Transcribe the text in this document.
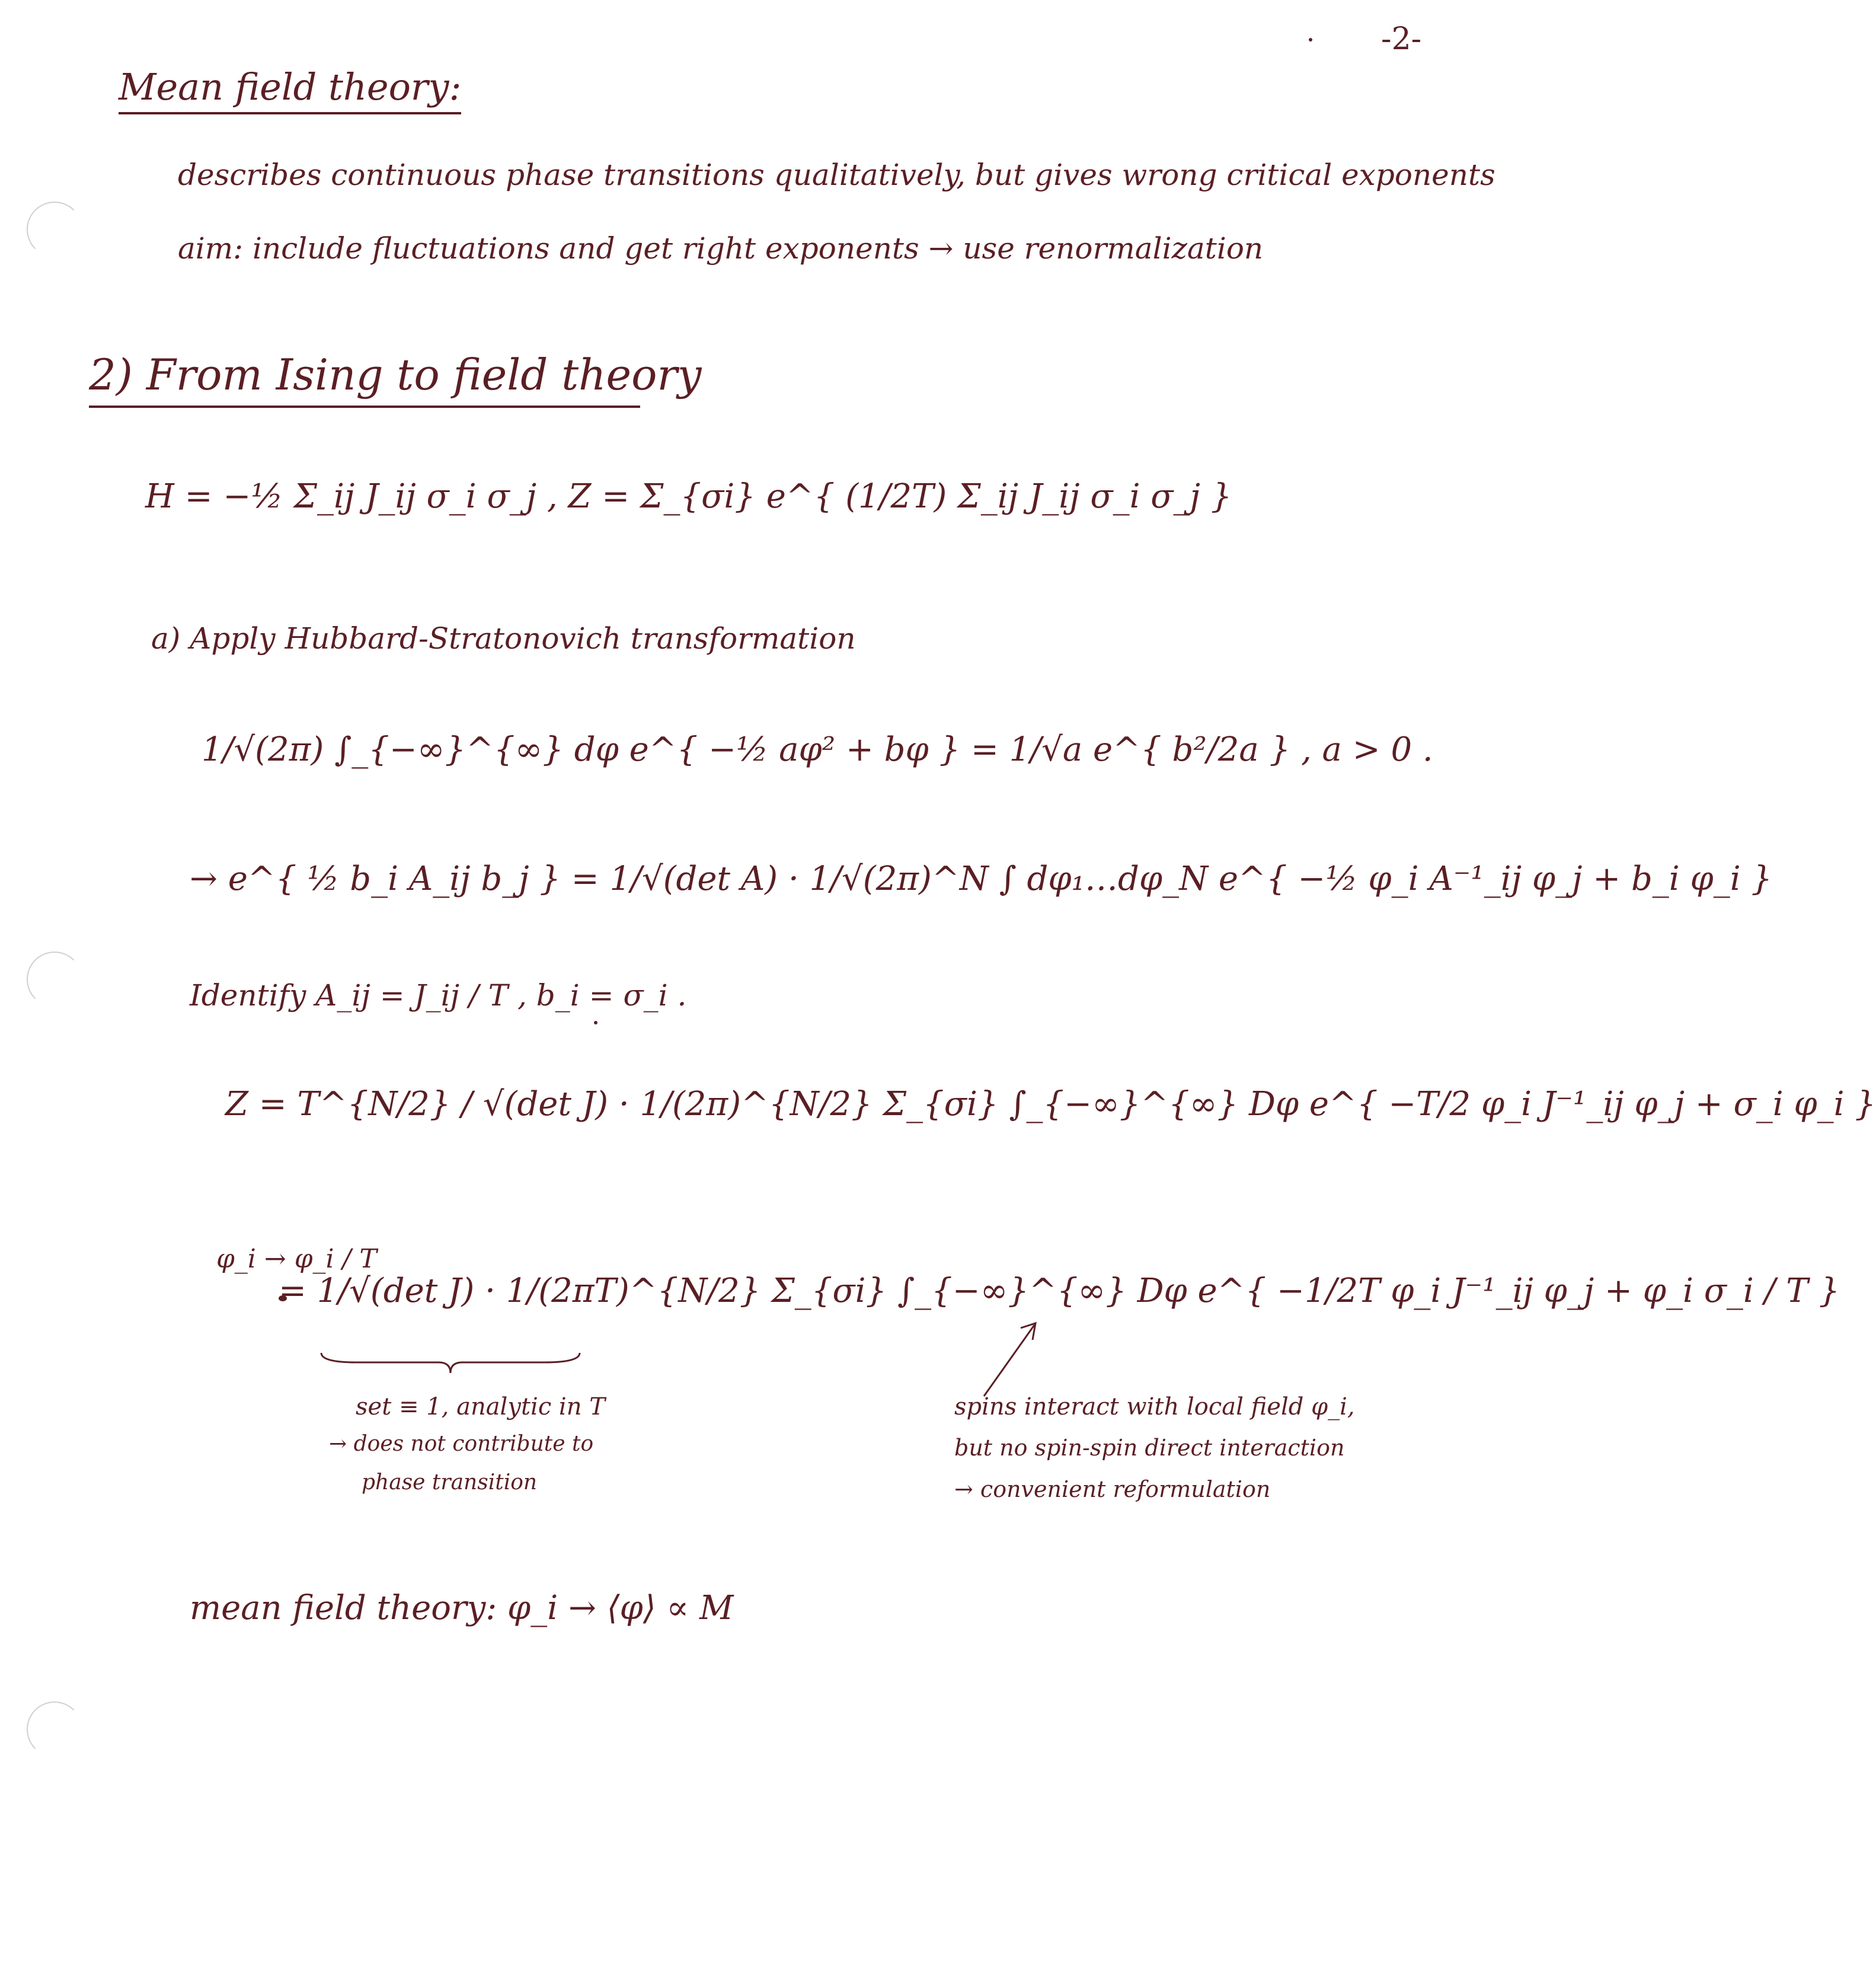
-2-
Mean field theory:
describes continuous phase transitions qualitatively, but gives wrong critical exponents
aim: include fluctuations and get right exponents → use renormalization
2) From Ising to field theory
H = −½ Σ_ij J_ij σ_i σ_j , Z = Σ_{σi} e^{ (1/2T) Σ_ij J_ij σ_i σ_j }
a) Apply Hubbard-Stratonovich transformation
1/√(2π) ∫_{−∞}^{∞} dφ e^{ −½ aφ² + bφ } = 1/√a e^{ b²/2a } , a > 0 .
→ e^{ ½ b_i A_ij b_j } = 1/√(det A) · 1/√(2π)^N ∫ dφ₁…dφ_N e^{ −½ φ_i A⁻¹_ij φ_j + b_i φ_i }
Identify A_ij = J_ij / T , b_i = σ_i .
Z = T^{N/2} / √(det J) · 1/(2π)^{N/2} Σ_{σi} ∫_{−∞}^{∞} Dφ e^{ −T/2 φ_i J⁻¹_ij φ_j + σ_i φ_i }
φ_i → φ_i / T
= 1/√(det J) · 1/(2πT)^{N/2} Σ_{σi} ∫_{−∞}^{∞} Dφ e^{ −1/2T φ_i J⁻¹_ij φ_j + φ_i σ_i / T }
set ≡ 1, analytic in T
→ does not contribute to
phase transition
spins interact with local field φ_i,
but no spin-spin direct interaction
→ convenient reformulation
mean field theory: φ_i → ⟨φ⟩ ∝ M
